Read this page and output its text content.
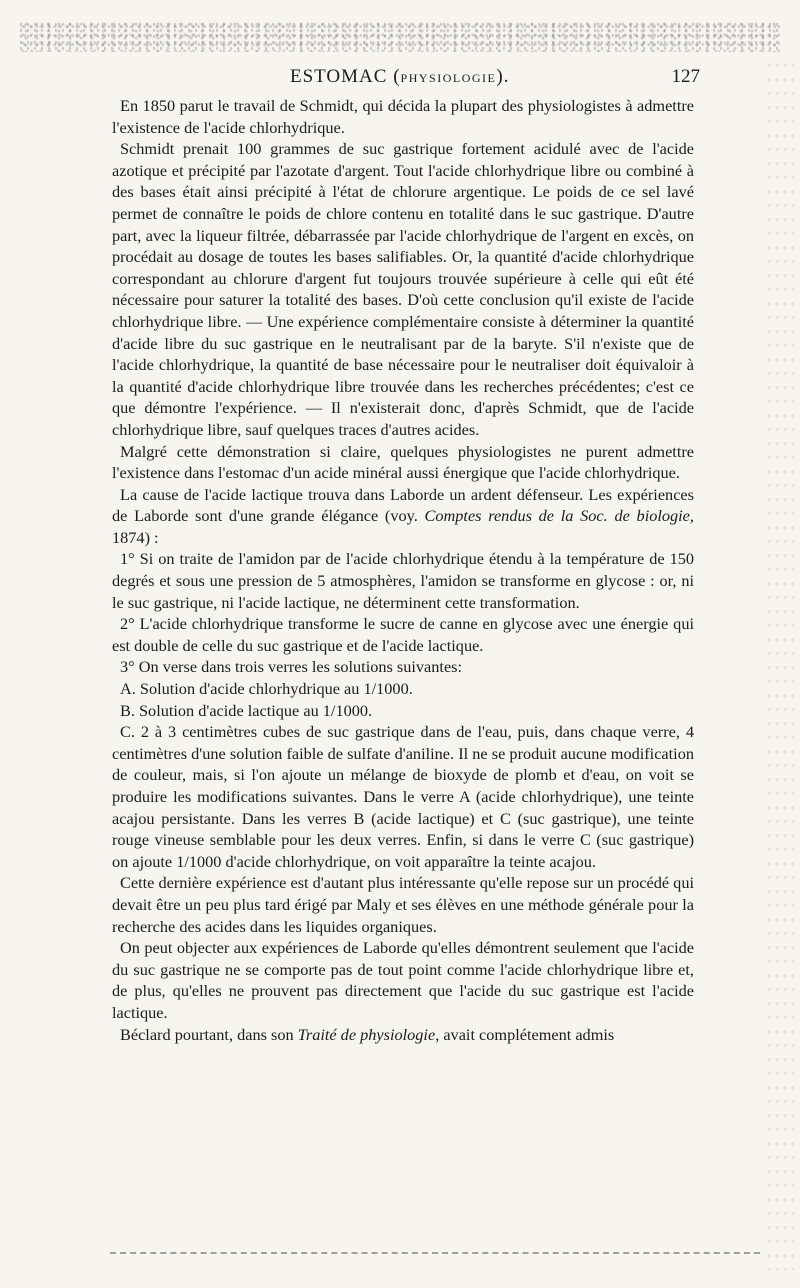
ESTOMAC (PHYSIOLOGIE).	127

En 1850 parut le travail de Schmidt, qui décida la plupart des physiologistes à admettre l'existence de l'acide chlorhydrique.

Schmidt prenait 100 grammes de suc gastrique fortement acidulé avec de l'acide azotique et précipité par l'azotate d'argent. Tout l'acide chlorhydrique libre ou combiné à des bases était ainsi précipité à l'état de chlorure argentique. Le poids de ce sel lavé permet de connaître le poids de chlore contenu en totalité dans le suc gastrique. D'autre part, avec la liqueur filtrée, débarrassée par l'acide chlorhydrique de l'argent en excès, on procédait au dosage de toutes les bases salifiables. Or, la quantité d'acide chlorhydrique correspondant au chlorure d'argent fut toujours trouvée supérieure à celle qui eût été nécessaire pour saturer la totalité des bases. D'où cette conclusion qu'il existe de l'acide chlorhydrique libre. — Une expérience complémentaire consiste à déterminer la quantité d'acide libre du suc gastrique en le neutralisant par de la baryte. S'il n'existe que de l'acide chlorhydrique, la quantité de base nécessaire pour le neutraliser doit équivaloir à la quantité d'acide chlorhydrique libre trouvée dans les recherches précédentes; c'est ce que démontre l'expérience. — Il n'existerait donc, d'après Schmidt, que de l'acide chlorhydrique libre, sauf quelques traces d'autres acides.

Malgré cette démonstration si claire, quelques physiologistes ne purent admettre l'existence dans l'estomac d'un acide minéral aussi énergique que l'acide chlorhydrique.

La cause de l'acide lactique trouva dans Laborde un ardent défenseur. Les expériences de Laborde sont d'une grande élégance (voy. Comptes rendus de la Soc. de biologie, 1874) :

1° Si on traite de l'amidon par de l'acide chlorhydrique étendu à la température de 150 degrés et sous une pression de 5 atmosphères, l'amidon se transforme en glycose : or, ni le suc gastrique, ni l'acide lactique, ne déterminent cette transformation.

2° L'acide chlorhydrique transforme le sucre de canne en glycose avec une énergie qui est double de celle du suc gastrique et de l'acide lactique.

3° On verse dans trois verres les solutions suivantes:

A. Solution d'acide chlorhydrique au 1/1000.

B. Solution d'acide lactique au 1/1000.

C. 2 à 3 centimètres cubes de suc gastrique dans de l'eau, puis, dans chaque verre, 4 centimètres d'une solution faible de sulfate d'aniline. Il ne se produit aucune modification de couleur, mais, si l'on ajoute un mélange de bioxyde de plomb et d'eau, on voit se produire les modifications suivantes. Dans le verre A (acide chlorhydrique), une teinte acajou persistante. Dans les verres B (acide lactique) et C (suc gastrique), une teinte rouge vineuse semblable pour les deux verres. Enfin, si dans le verre C (suc gastrique) on ajoute 1/1000 d'acide chlorhydrique, on voit apparaître la teinte acajou.

Cette dernière expérience est d'autant plus intéressante qu'elle repose sur un procédé qui devait être un peu plus tard érigé par Maly et ses élèves en une méthode générale pour la recherche des acides dans les liquides organiques.

On peut objecter aux expériences de Laborde qu'elles démontrent seulement que l'acide du suc gastrique ne se comporte pas de tout point comme l'acide chlorhydrique libre et, de plus, qu'elles ne prouvent pas directement que l'acide du suc gastrique est l'acide lactique.

Béclard pourtant, dans son Traité de physiologie, avait complétement admis
